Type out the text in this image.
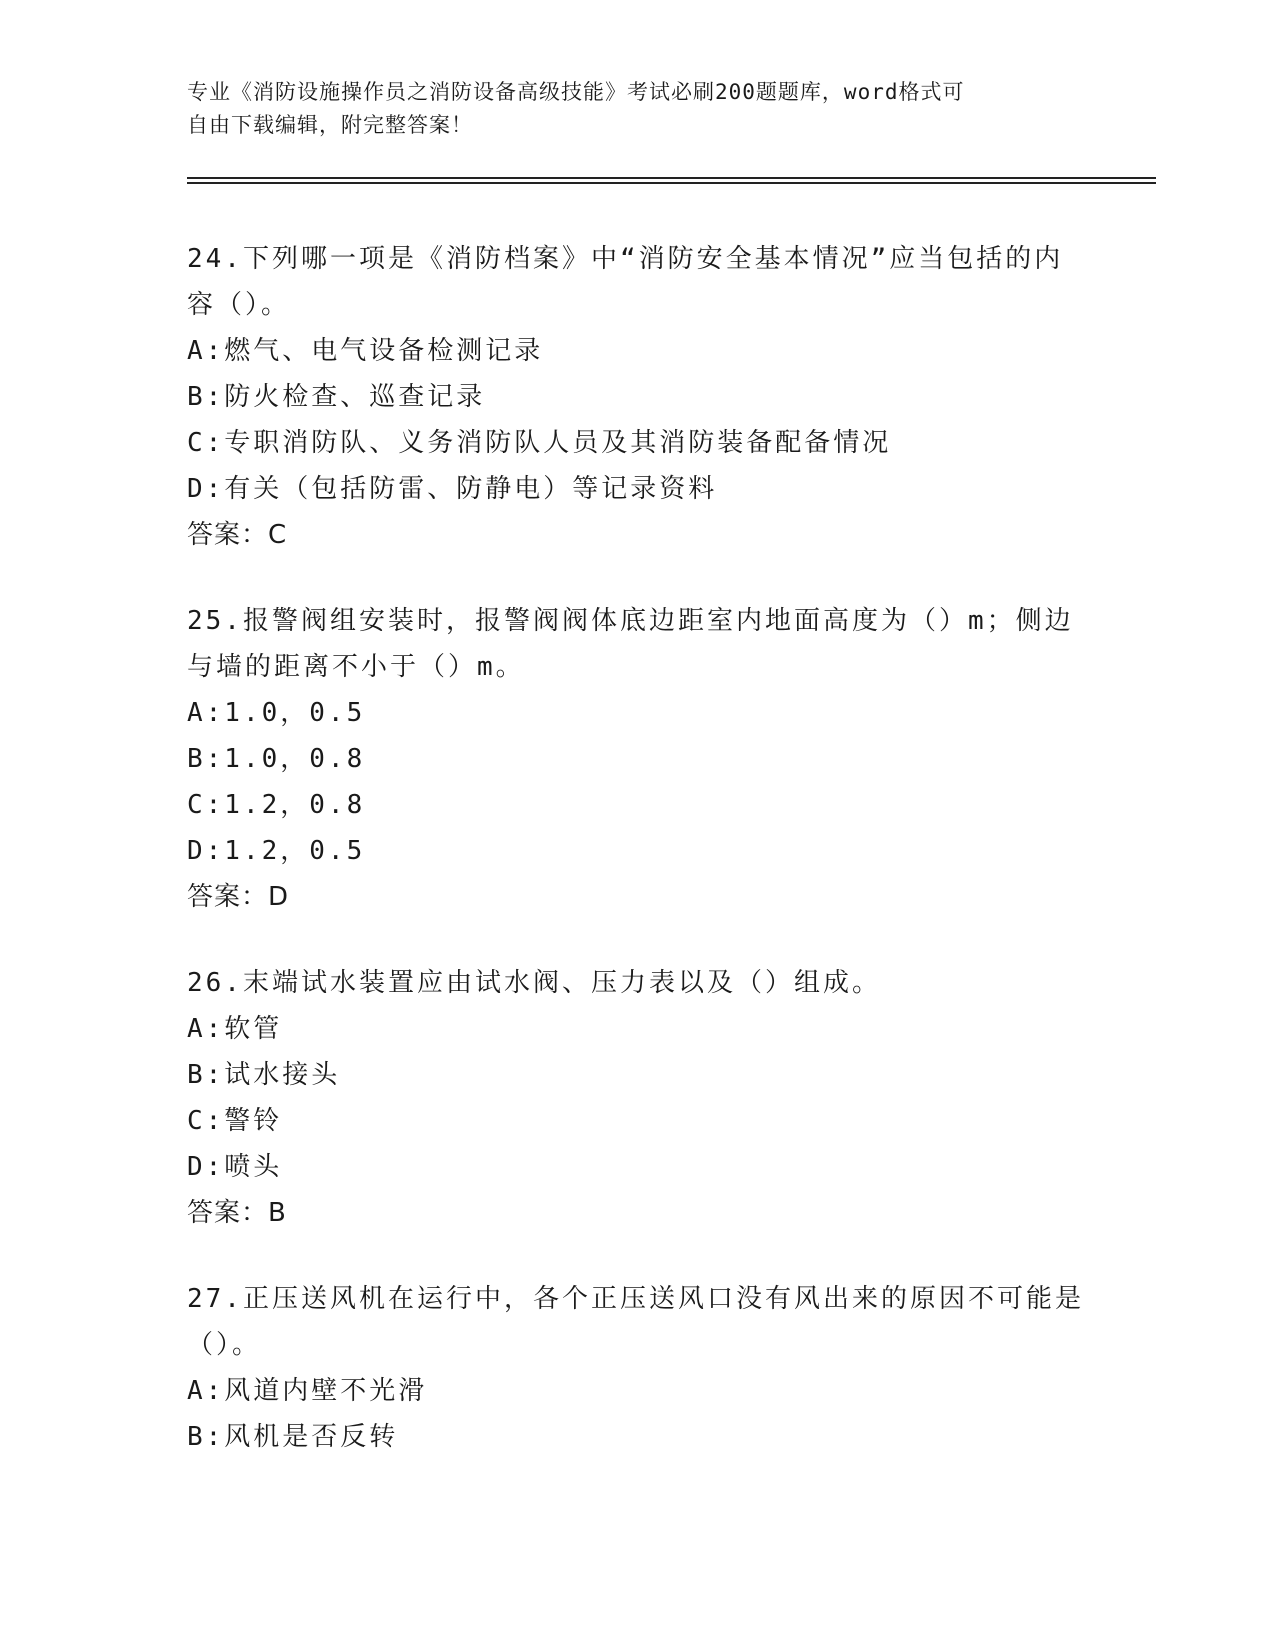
专业《消防设施操作员之消防设备高级技能》考试必刷200题题库，word格式可
自由下载编辑，附完整答案！
24.下列哪一项是《消防档案》中“消防安全基本情况”应当包括的内
容（）。
A:燃气、电气设备检测记录
B:防火检查、巡查记录
C:专职消防队、义务消防队人员及其消防装备配备情况
D:有关（包括防雷、防静电）等记录资料
答案：C
25.报警阀组安装时，报警阀阀体底边距室内地面高度为（）m；侧边
与墙的距离不小于（）m。
A:1.0，0.5
B:1.0，0.8
C:1.2，0.8
D:1.2，0.5
答案：D
26.末端试水装置应由试水阀、压力表以及（）组成。
A:软管
B:试水接头
C:警铃
D:喷头
答案：B
27.正压送风机在运行中，各个正压送风口没有风出来的原因不可能是
（）。
A:风道内壁不光滑
B:风机是否反转
